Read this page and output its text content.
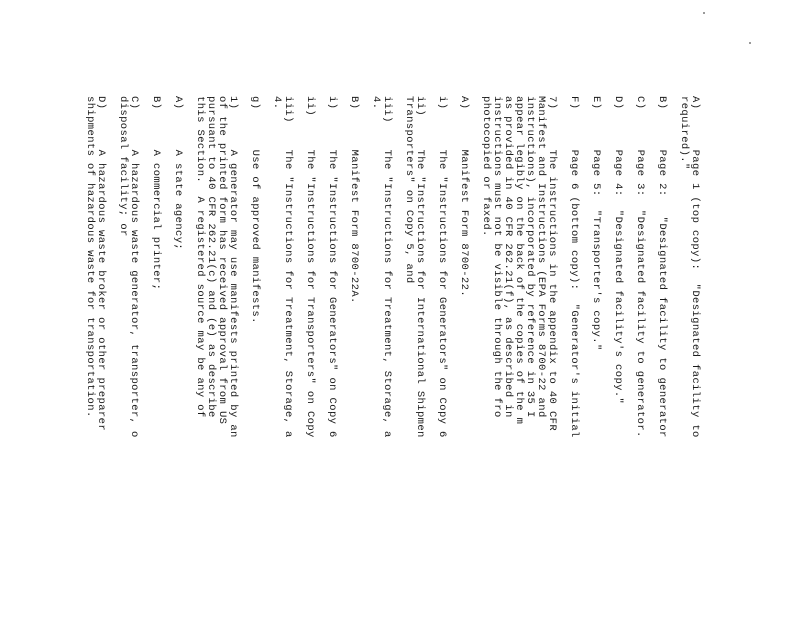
A)      Page 1 (top copy):  "Designated facility to
required)."
B)      Page 2:   "Designated facility to generator
C)      Page 3:  "Designated facility to generator.
D)      Page 4:  "Designated facility's copy."
E)      Page 5:  "Transporter's copy."
F)      Page 6 (bottom copy):  "Generator's initial
7)      The instructions in the appendix to 40 CFR
Manifest and Instructions (EPA Forms 8700-22 and
instructions), incorporated by reference in 35 I
appear legibly on the back of the copies of the m
as provided in 40 CFR 262.21(f), as described in
instructions must not be visible through the fro
photocopied or faxed.
A)      Manifest Form 8700-22.
i)      The "Instructions for Generators" on Copy 6
ii)     The "Instructions for International Shipmen
Transporters" on Copy 5, and
iii)    The "Instructions for Treatment, Storage, a
4.
B)      Manifest Form 8700-22A.
i)      The "Instructions for Generators" on Copy 6
ii)     The "Instructions for Transporters" on Copy
iii)    The "Instructions for Treatment, Storage, a
4.
g)      Use of approved manifests.
1)      A generator may use manifests printed by an
of the printed form has received approval from US
pursuant to 40 CFR 262.21(c) and (e) as describe
this Section.  A registered source may be any of
A)      A state agency;
B)      A commercial printer;
C)      A hazardous waste generator, transporter, o
disposal facility; or
D)      A hazardous waste broker or other preparer
shipments of hazardous waste for transportation.
